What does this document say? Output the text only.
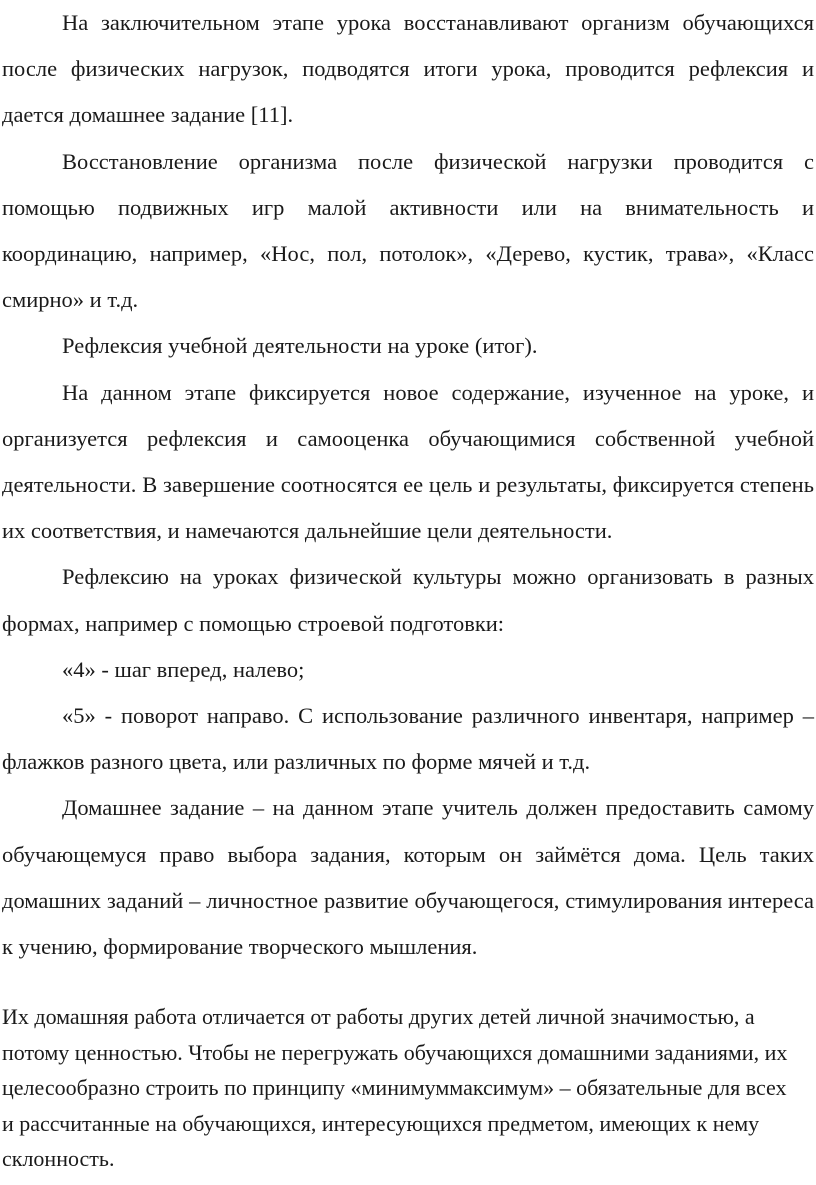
На заключительном этапе урока восстанавливают организм обучающихся после физических нагрузок, подводятся итоги урока, проводится рефлексия и дается домашнее задание [11].

Восстановление организма после физической нагрузки проводится с помощью подвижных игр малой активности или на внимательность и координацию, например, «Нос, пол, потолок», «Дерево, кустик, трава», «Класс смирно» и т.д.

Рефлексия учебной деятельности на уроке (итог).

На данном этапе фиксируется новое содержание, изученное на уроке, и организуется рефлексия и самооценка обучающимися собственной учебной деятельности. В завершение соотносятся ее цель и результаты, фиксируется степень их соответствия, и намечаются дальнейшие цели деятельности.

Рефлексию на уроках физической культуры можно организовать в разных формах, например с помощью строевой подготовки:

«4» - шаг вперед, налево;

«5» - поворот направо. С использование различного инвентаря, например – флажков разного цвета, или различных по форме мячей и т.д.

Домашнее задание – на данном этапе учитель должен предоставить самому обучающемуся право выбора задания, которым он займётся дома. Цель таких домашних заданий – личностное развитие обучающегося, стимулирования интереса к учению, формирование творческого мышления.

Их домашняя работа отличается от работы других детей личной значимостью, а потому ценностью. Чтобы не перегружать обучающихся домашними заданиями, их целесообразно строить по принципу «минимуммаксимум» – обязательные для всех и рассчитанные на обучающихся, интересующихся предметом, имеющих к нему склонность.
